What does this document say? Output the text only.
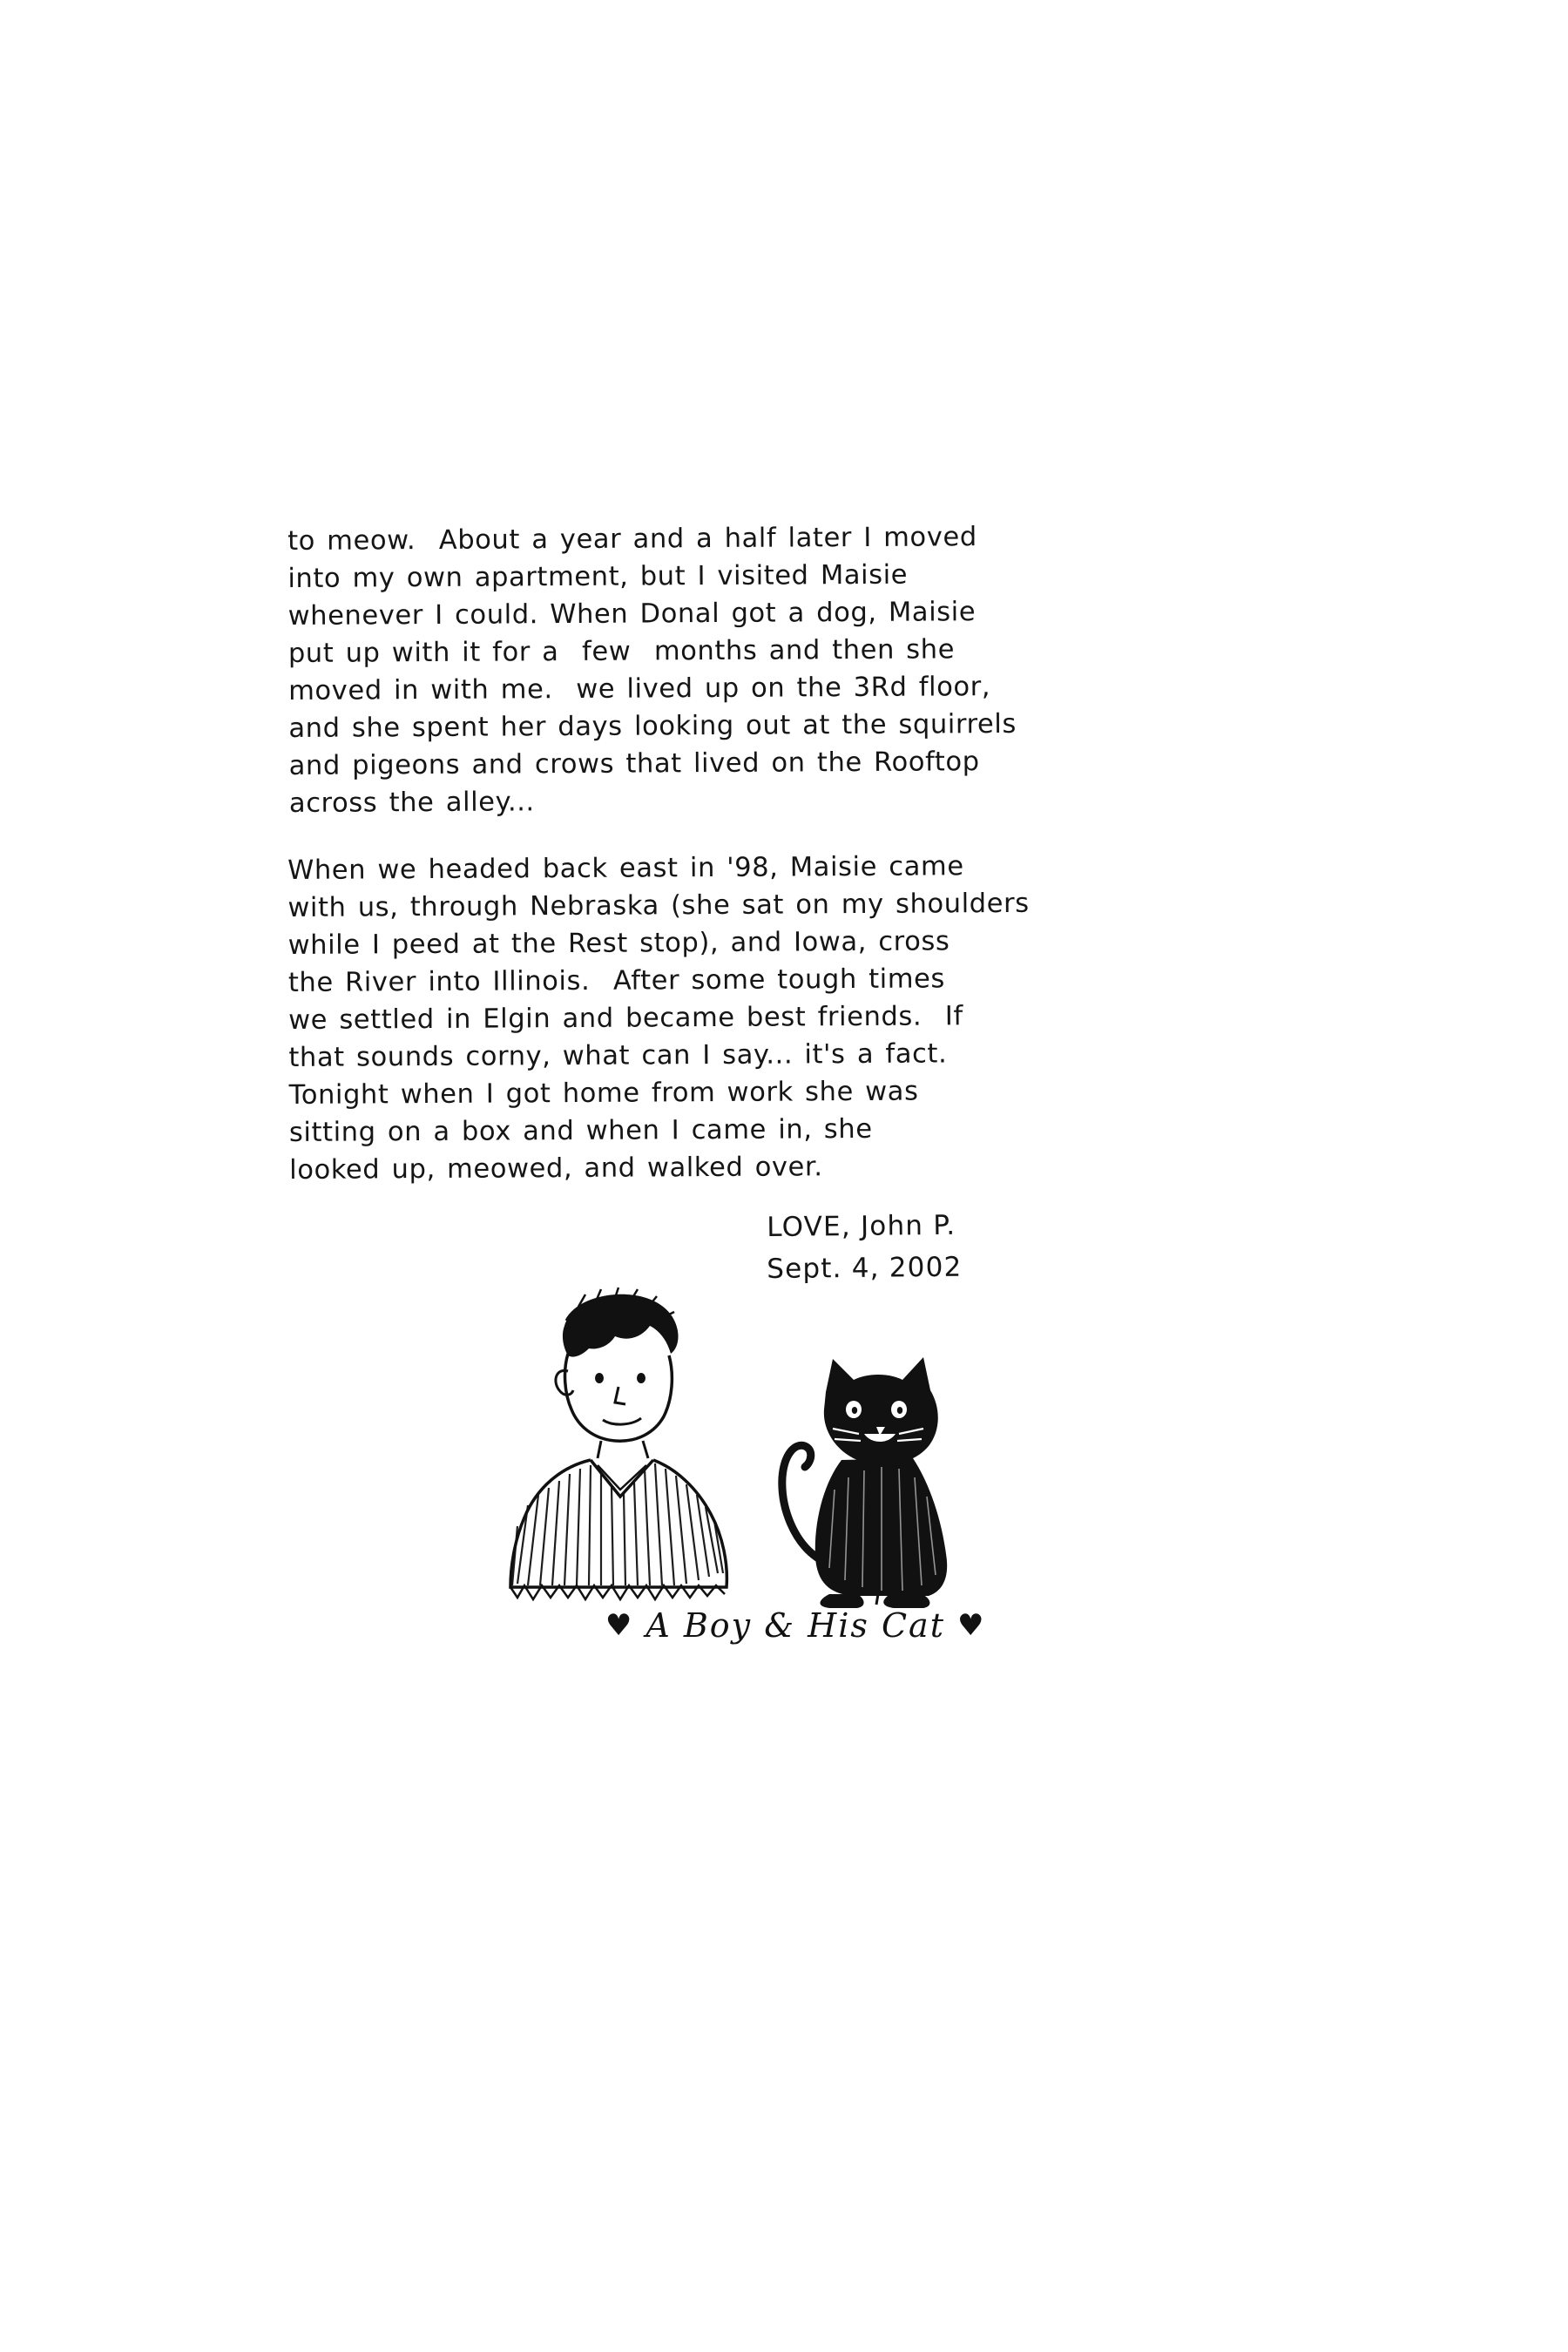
to meow.  About a year and a half later I moved
into my own apartment, but I visited Maisie
whenever I could. When Donal got a dog, Maisie
put up with it for a  few  months and then she
moved in with me.  we lived up on the 3Rd floor,
and she spent her days looking out at the squirrels
and pigeons and crows that lived on the Rooftop
across the alley...

When we headed back east in '98, Maisie came
with us, through Nebraska (she sat on my shoulders
while I peed at the Rest stop), and Iowa, cross
the River into Illinois.  After some tough times
we settled in Elgin and became best friends.  If
that sounds corny, what can I say... it's a fact.
Tonight when I got home from work she was
sitting on a box and when I came in, she
looked up, meowed, and walked over.

LOVE, John P.
Sept. 4, 2002

♥ A Boy & His Cat ♥
